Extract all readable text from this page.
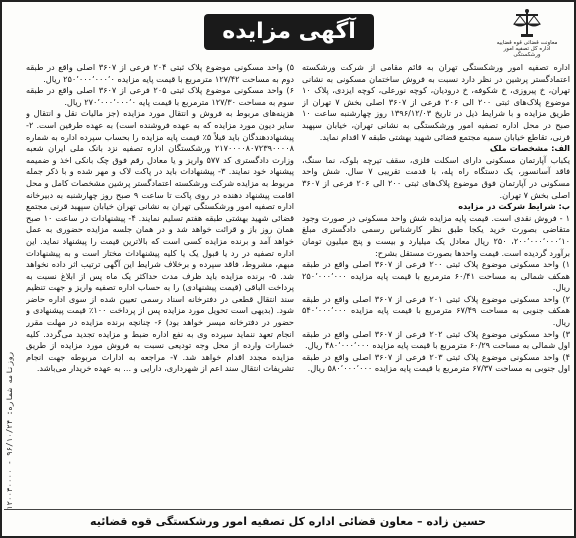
آگهی مزایده	معاونت قضائی قوه قضاییه
اداره کل تصفیه امور ورشکستگی
روزنامه شماره: ۹۶/۱۰/۲۴ ‐ ۱۲۰۰۳۰۰۰۰

اداره تصفیه امور ورشکستگی تهران به قائم مقامی از شرکت ورشکسته اعتمادگستر پرشین در نظر دارد نسبت به فروش ساختمان مسکونی به نشانی تهران، خ پیروزی، خ شکوفه، خ درودیان، کوچه نورعلی، کوچه ایزدی، پلاک ۱۰ موضوع پلاک‌های ثبتی ۲۰۰ الی ۲۰۶ فرعی از ۳۶۰۷ اصلی بخش ۷ تهران از طریق مزایده و با شرایط ذیل در تاریخ ۱۳۹۶/۱۲/۰۳ روز چهارشنبه ساعت ۱۰ صبح در محل اداره تصفیه امور ورشکستگی به نشانی تهران، خیابان سپهبد قرنی، تقاطع خیابان سمیه مجتمع قضائی شهید بهشتی طبقه ۷ اقدام نماید.

الف: مشخصات ملک

یکباب آپارتمان مسکونی دارای اسکلت فلزی، سقف تیرچه بلوک، نما سنگ، فاقد آسانسور، یک دستگاه راه پله، با قدمت تقریبی ۷ سال. شش واحد مسکونی در آپارتمان فوق موضوع پلاک‌های ثبتی ۲۰۰ الی ۲۰۶ فرعی از ۳۶۰۷ اصلی بخش ۷ تهران.

ب: شرایط شرکت در مزایده

۱ - فروش نقدی است. قیمت پایه مزایده شش واحد مسکونی در صورت وجود متقاضی بصورت خرید یکجا طبق نظر کارشناس رسمی دادگستری مبلغ ۲۰۰٬۰۰۰٬۰۰۰٬۱۰، ۲۵۰ ریال معادل یک میلیارد و بیست و پنج میلیون تومان برآورد گردیده است. قیمت واحدها بصورت مستقل بشرح:

۱) واحد مسکونی موضوع پلاک ثبتی ۲۰۰ فرعی از ۳۶۰۷ اصلی واقع در طبقه همکف شمالی به مساحت ۶۰/۴۱ مترمربع با قیمت پایه مزایده ۲۵۰٬۰۰۰٬۰۰۰ ریال.

۲) واحد مسکونی موضوع پلاک ثبتی ۲۰۱ فرعی از ۳۶۰۷ اصلی واقع در طبقه همکف جنوبی به مساحت ۶۷/۴۹ مترمربع با قیمت پایه مزایده ۵۴۰٬۰۰۰٬۰۰۰ ریال.

۳) واحد مسکونی موضوع پلاک ثبتی ۲۰۲ فرعی از ۳۶۰۷ اصلی واقع در طبقه اول شمالی به مساحت ۶۰/۲۹ مترمربع با قیمت پایه مزایده ۴۸۰٬۰۰۰٬۰۰۰ ریال.

۴) واحد مسکونی موضوع پلاک ثبتی ۲۰۳ فرعی از ۳۶۰۷ اصلی واقع در طبقه اول جنوبی به مساحت ۶۷/۳۷ مترمربع با قیمت پایه مزایده ۵۸۰٬۰۰۰٬۰۰۰ ریال.

۵) واحد مسکونی موضوع پلاک ثبتی ۲۰۴ فرعی از ۳۶۰۷ اصلی واقع در طبقه دوم به مساحت ۱۲۷/۴۲ مترمربع با قیمت پایه مزایده ۲۵۰٬۰۰۰٬۰۰۰٬۰ ریال.

۶) واحد مسکونی موضوع پلاک ثبتی ۲۰۵ فرعی از ۳۶۰۷ اصلی واقع در طبقه سوم به مساحت ۱۲۷/۳۰ مترمربع با قیمت پایه ۲۷۰٬۰۰۰٬۰۰۰٬۰ ریال.

هزینه‌های مربوط به فروش و انتقال مورد مزایده (جز مالیات نقل و انتقال و سایر دیون مورد مزایده که به عهده فروشنده است) به عهده طرفین است. ۲- پیشنهاددهندگان باید قبلاً ۵٪ قیمت پایه مزایده را بحساب سپرده اداره به شماره ۲۱۷۰۰۰۰۸۰۷۲۳۹۰۰۰۰۸ ورشکستگان اداره تصفیه نزد بانک ملی ایران شعبه وزارت دادگستری کد ۵۷۷ واریز و یا معادل رقم فوق چک بانکی اخذ و ضمیمه پیشنهاد خود نمایند. ۳- پیشنهادات باید در پاکت لاک و مهر شده و با ذکر جمله مربوط به مزایده شرکت ورشکسته اعتمادگستر پرشین مشخصات کامل و محل اقامت پیشنهاد دهنده در روی پاکت تا ساعت ۹ صبح روز چهارشنبه به دبیرخانه اداره تصفیه امور ورشکستگی تهران به نشانی تهران خیابان سپهبد قرنی مجتمع قضائی شهید بهشتی طبقه هفتم تسلیم نمایند. ۴- پیشنهادات در ساعت ۱۰ صبح همان روز باز و قرائت خواهد شد و در همان جلسه مزایده حضوری به عمل خواهد آمد و برنده مزایده کسی است که بالاترین قیمت را پیشنهاد نماید. این اداره تصفیه در رد یا قبول یک یا کلیه پیشنهادات مختار است و به پیشنهادات مبهم، مشروط، فاقد سپرده و برخلاف شرایط این آگهی ترتیب اثر داده نخواهد شد. ۵- برنده مزایده باید ظرف مدت حداکثر یک ماه پس از ابلاغ نسبت به پرداخت الباقی (قیمت پیشنهادی) را به حساب اداره تصفیه واریز و جهت تنظیم سند انتقال قطعی در دفترخانه اسناد رسمی تعیین شده از سوی اداره حاضر شود. (بدیهی است تحویل مورد مزایده پس از پرداخت ۱۰۰٪ قیمت پیشنهادی و حضور در دفترخانه میسر خواهد بود) ۶- چنانچه برنده مزایده در مهلت مقرر انجام تعهد ننماید سپرده وی به نفع اداره ضبط و مزایده تجدید می‌گردد. کلیه خسارات وارده از محل وجه تودیعی نسبت به فروش مورد مزایده از طریق مزایده مجدد اقدام خواهد شد. ۷- مراجعه به ادارات مربوطه جهت انجام تشریفات انتقال سند اعم از شهرداری، دارایی و ... به عهده خریدار می‌باشد.

حسین زاده – معاون قضائی اداره کل تصفیه امور ورشکستگی قوه قضائیه
